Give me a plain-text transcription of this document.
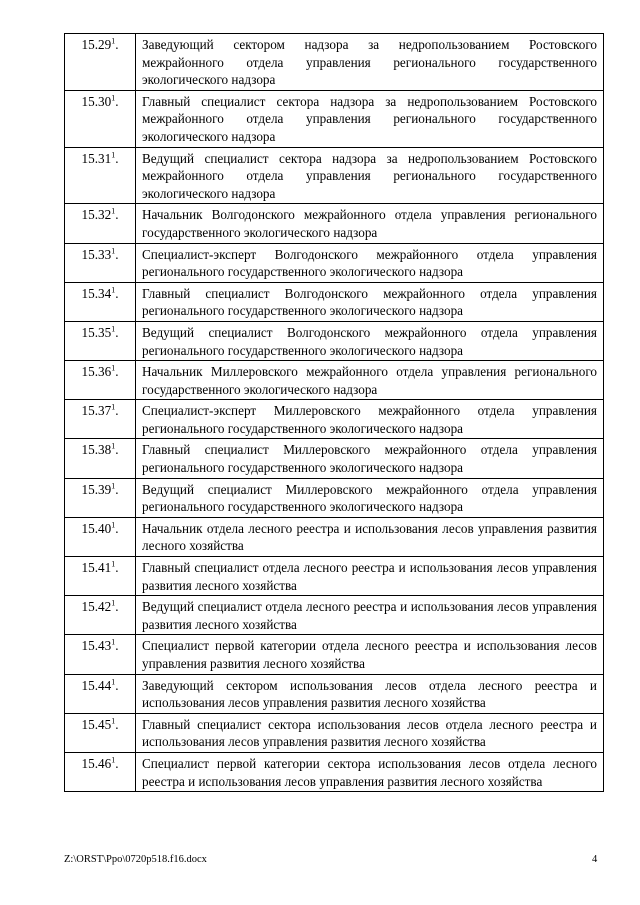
15.29$^1$.	Заведующий сектором надзора за недропользованием Ростовского межрайонного отдела управления регионального государственного экологического надзора
15.30$^1$.	Главный специалист сектора надзора за недропользованием Ростовского межрайонного отдела управления регионального государственного экологического надзора
15.31$^1$.	Ведущий специалист сектора надзора за недропользованием Ростовского межрайонного отдела управления регионального государственного экологического надзора
15.32$^1$.	Начальник Волгодонского межрайонного отдела управления регионального государственного экологического надзора
15.33$^1$.	Специалист-эксперт Волгодонского межрайонного отдела управления регионального государственного экологического надзора
15.34$^1$.	Главный специалист Волгодонского межрайонного отдела управления регионального государственного экологического надзора
15.35$^1$.	Ведущий специалист Волгодонского межрайонного отдела управления регионального государственного экологического надзора
15.36$^1$.	Начальник Миллеровского межрайонного отдела управления регионального государственного экологического надзора
15.37$^1$.	Специалист-эксперт Миллеровского межрайонного отдела управления регионального государственного экологического надзора
15.38$^1$.	Главный специалист Миллеровского межрайонного отдела управления регионального государственного экологического надзора
15.39$^1$.	Ведущий специалист Миллеровского межрайонного отдела управления регионального государственного экологического надзора
15.40$^1$.	Начальник отдела лесного реестра и использования лесов управления развития лесного хозяйства
15.41$^1$.	Главный специалист отдела лесного реестра и использования лесов управления развития лесного хозяйства
15.42$^1$.	Ведущий специалист отдела лесного реестра и использования лесов управления развития лесного хозяйства
15.43$^1$.	Специалист первой категории отдела лесного реестра и использования лесов управления развития лесного хозяйства
15.44$^1$.	Заведующий сектором использования лесов отдела лесного реестра и использования лесов управления развития лесного хозяйства
15.45$^1$.	Главный специалист сектора использования лесов отдела лесного реестра и использования лесов управления развития лесного хозяйства
15.46$^1$.	Специалист первой категории сектора использования лесов отдела лесного реестра и использования лесов управления развития лесного хозяйства
Z:\ORST\Ppo\0720p518.f16.docx	4
